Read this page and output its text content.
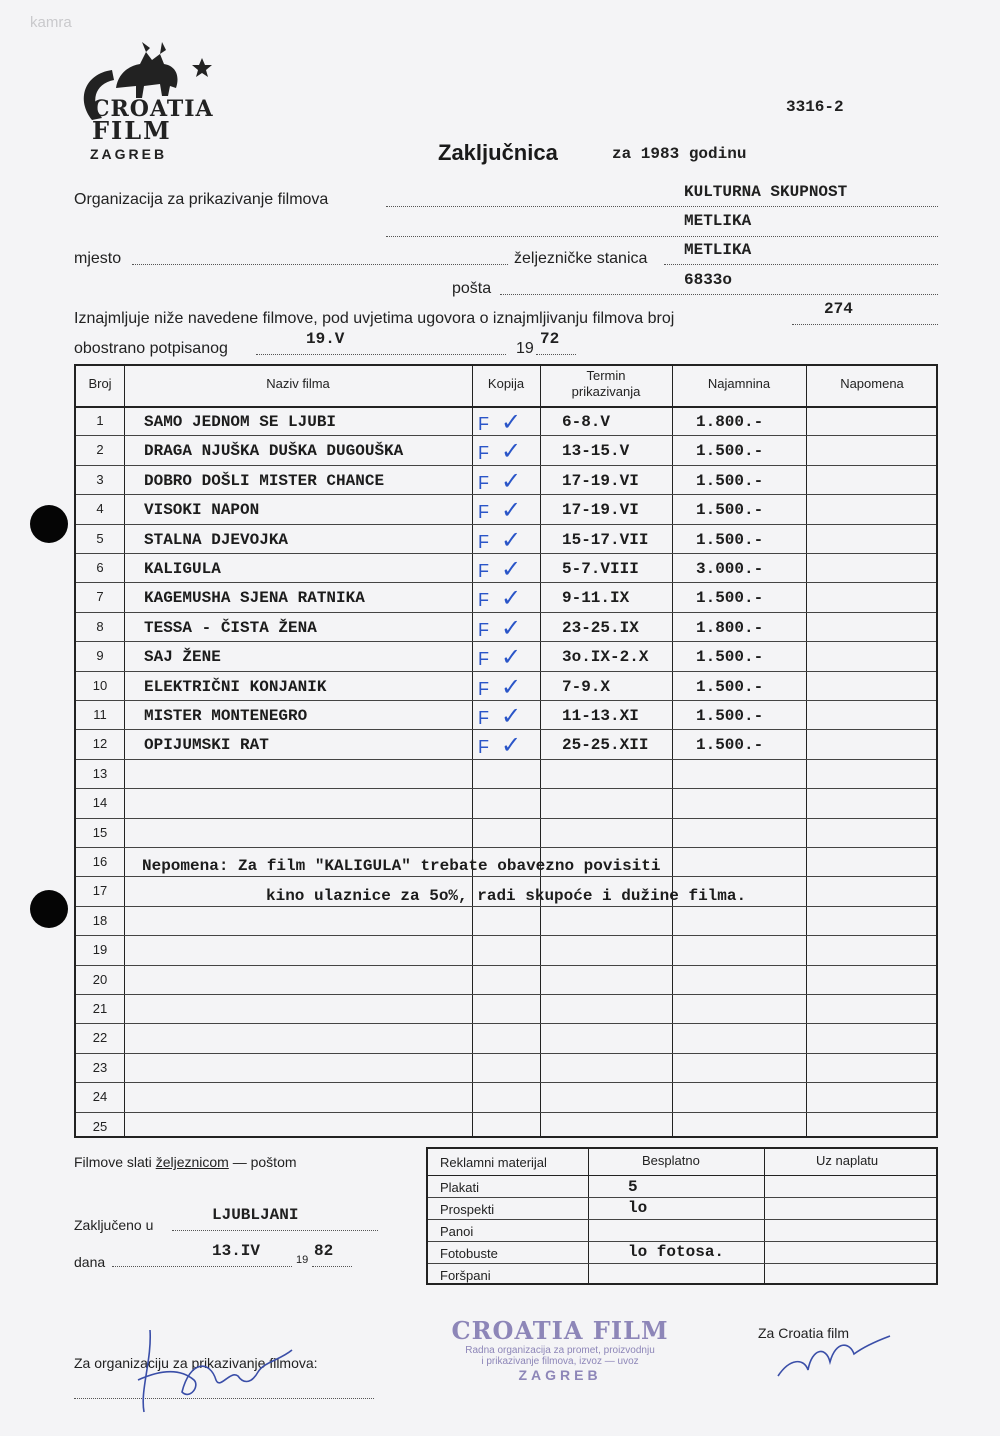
kamra
CROATIA
FILM
ZAGREB
3316-2
Zaključnica	za 1983 godinu
Organizacija za prikazivanje filmova	KULTURNA SKUPNOST
METLIKA
mjesto	željezničke stanica METLIKA
pošta	6833o
Iznajmljuje niže navedene filmove, pod uvjetima ugovora o iznajmljivanju filmova broj
274
obostrano potpisanog
19.V
19
72
Broj	Naziv filma	Kopija
Termin
prikazivanja
Najamnina	Napomena
1	SAMO JEDNOM SE LJUBI	F ✓	6-8.V	1.800.-
2	DRAGA NJUŠKA DUŠKA DUGOUŠKA	F ✓	13-15.V	1.500.-
3	DOBRO DOŠLI MISTER CHANCE	F ✓	17-19.VI	1.500.-
4	VISOKI NAPON	F ✓	17-19.VI	1.500.-
5	STALNA DJEVOJKA	F ✓	15-17.VII	1.500.-
6	KALIGULA	F ✓	5-7.VIII	3.000.-
7	KAGEMUSHA SJENA RATNIKA	F ✓	9-11.IX	1.500.-
8	TESSA - ČISTA ŽENA	F ✓	23-25.IX	1.800.-
9	SAJ ŽENE	F ✓	3o.IX-2.X	1.500.-
10	ELEKTRIČNI KONJANIK	F ✓	7-9.X	1.500.-
11	MISTER MONTENEGRO	F ✓	11-13.XI	1.500.-
12	OPIJUMSKI RAT	F ✓	25-25.XII	1.500.-
13
14
15
16
17
18
19
20
21
22
23
24
25
Nepomena: Za film "KALIGULA" trebate obavezno povisiti
kino ulaznice za 5o%, radi skupoće i dužine filma.
Filmove slati željeznicom — poštom
Zaključeno u
LJUBLJANI
dana
13.IV	19 82
Reklamni materijal	Besplatno	Uz naplatu
Plakati	5
Prospekti	lo
Panoi
Fotobuste	lo fotosa.
Foršpani
CROATIA FILM
Radna organizacija za promet, proizvodnju
i prikazivanje filmova, izvoz — uvoz
ZAGREB
Za Croatia film
Za organizaciju za prikazivanje filmova:
